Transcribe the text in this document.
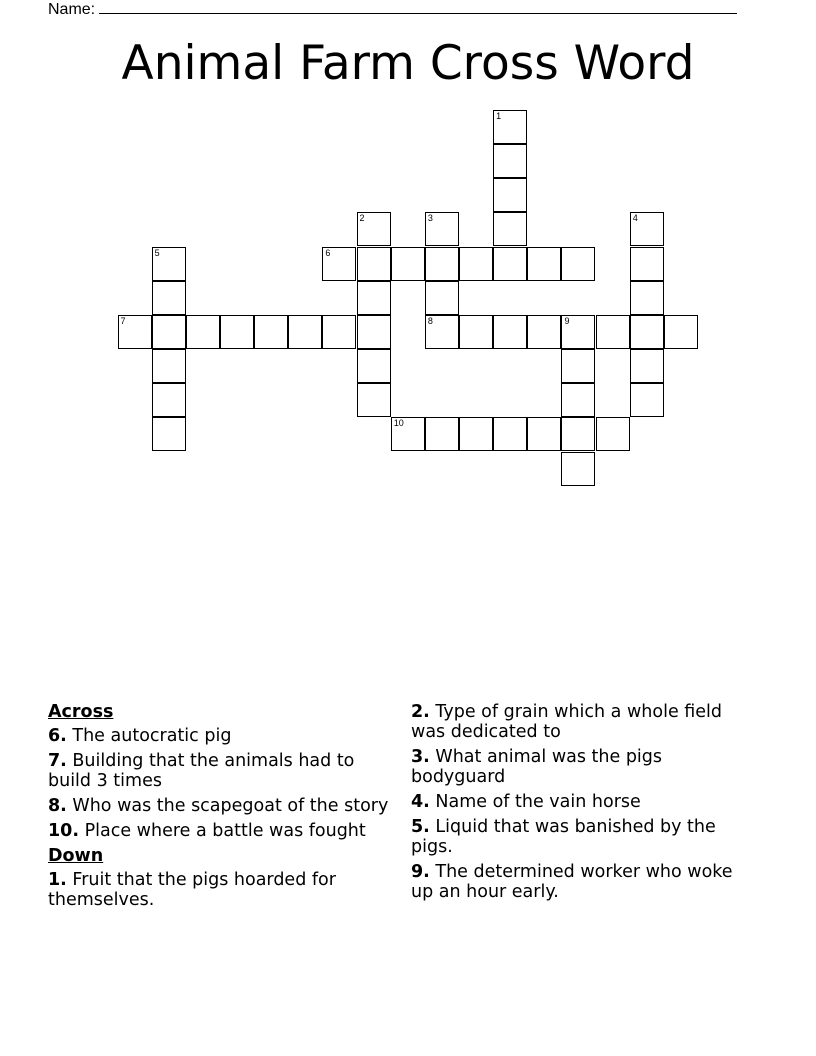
Name:
Animal Farm Cross Word
1
2	3	4
5	6
7	8	9
10
Across
6. The autocratic pig
7. Building that the animals had to build 3 times
8. Who was the scapegoat of the story
10. Place where a battle was fought
Down
1. Fruit that the pigs hoarded for themselves.
2. Type of grain which a whole field was dedicated to
3. What animal was the pigs bodyguard
4. Name of the vain horse
5. Liquid that was banished by the pigs.
9. The determined worker who woke up an hour early.
